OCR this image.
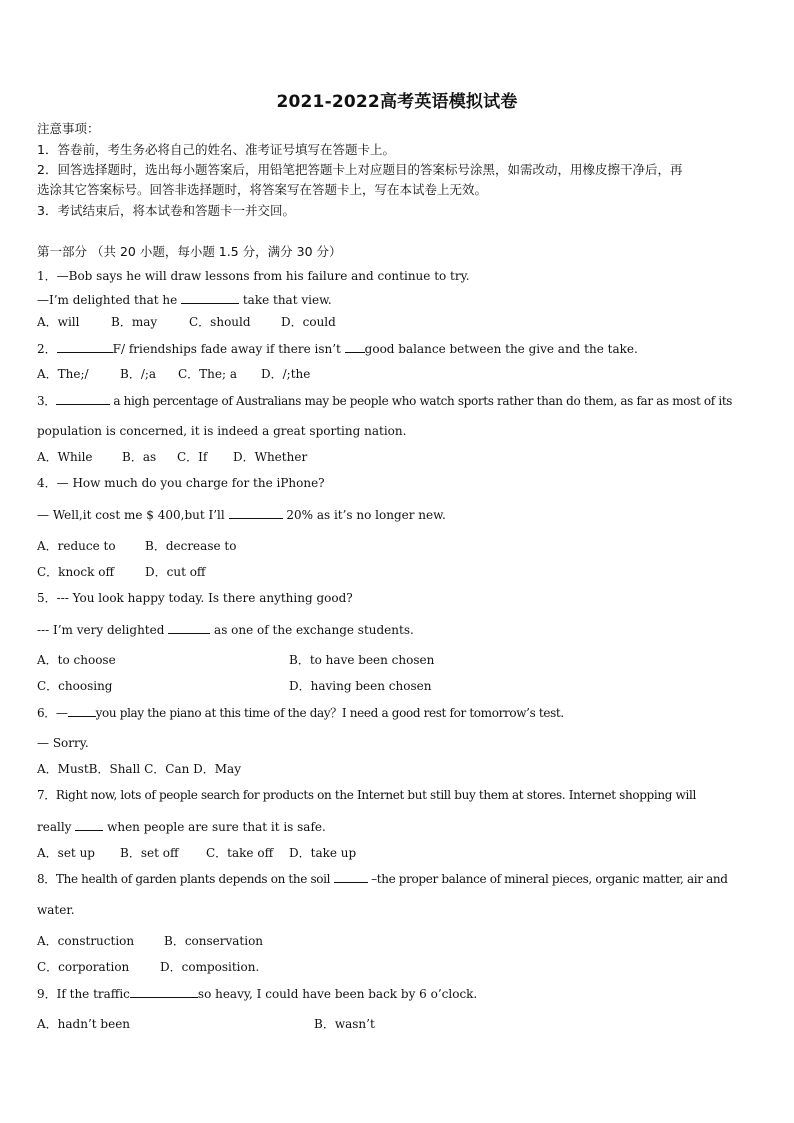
2021-2022高考英语模拟试卷
注意事项：
1．答卷前，考生务必将自己的姓名、准考证号填写在答题卡上。
2．回答选择题时，选出每小题答案后，用铅笔把答题卡上对应题目的答案标号涂黑，如需改动，用橡皮擦干净后，再
选涂其它答案标号。回答非选择题时，将答案写在答题卡上，写在本试卷上无效。
3．考试结束后，将本试卷和答题卡一并交回。
第一部分 （共 20 小题，每小题 1.5 分，满分 30 分）
1．—Bob says he will draw lessons from his failure and continue to try.
—I’m delighted that he	take that view.
A．will	B．may	C．should	D．could
2．	F/ friendships fade away if there isn’t good balance between the give and the take.
A．The;/	B．/;a C．The; a D．/;the
3．	a high percentage of Australians may be people who watch sports rather than do them, as far as most of its
population is concerned, it is indeed a great sporting nation.
A．While B．as C．If D．Whether
4．— How much do you charge for the iPhone?
— Well,it cost me $ 400,but I’ll	20% as it’s no longer new.
A．reduce to B．decrease to
C．knock off	D．cut off
5．--- You look happy today. Is there anything good?
--- I’m very delighted	as one of the exchange students.
A．to choose	B．to have been chosen
C．choosing	D．having been chosen
6．— you play the piano at this time of the day？I need a good rest for tomorrow’s test.
— Sorry.
A．MustB．Shall C．Can D．May
7．Right now, lots of people search for products on the Internet but still buy them at stores. Internet shopping will
really  when people are sure that it is safe.
A．set up B．set off C．take off D．take up
8．The health of garden plants depends on the soil	–the proper balance of mineral pieces, organic matter, air and
water.
A．construction B．conservation
C．corporation	D．composition.
9．If the traffic	so heavy, I could have been back by 6 o’clock.
A．hadn’t been	B．wasn’t
